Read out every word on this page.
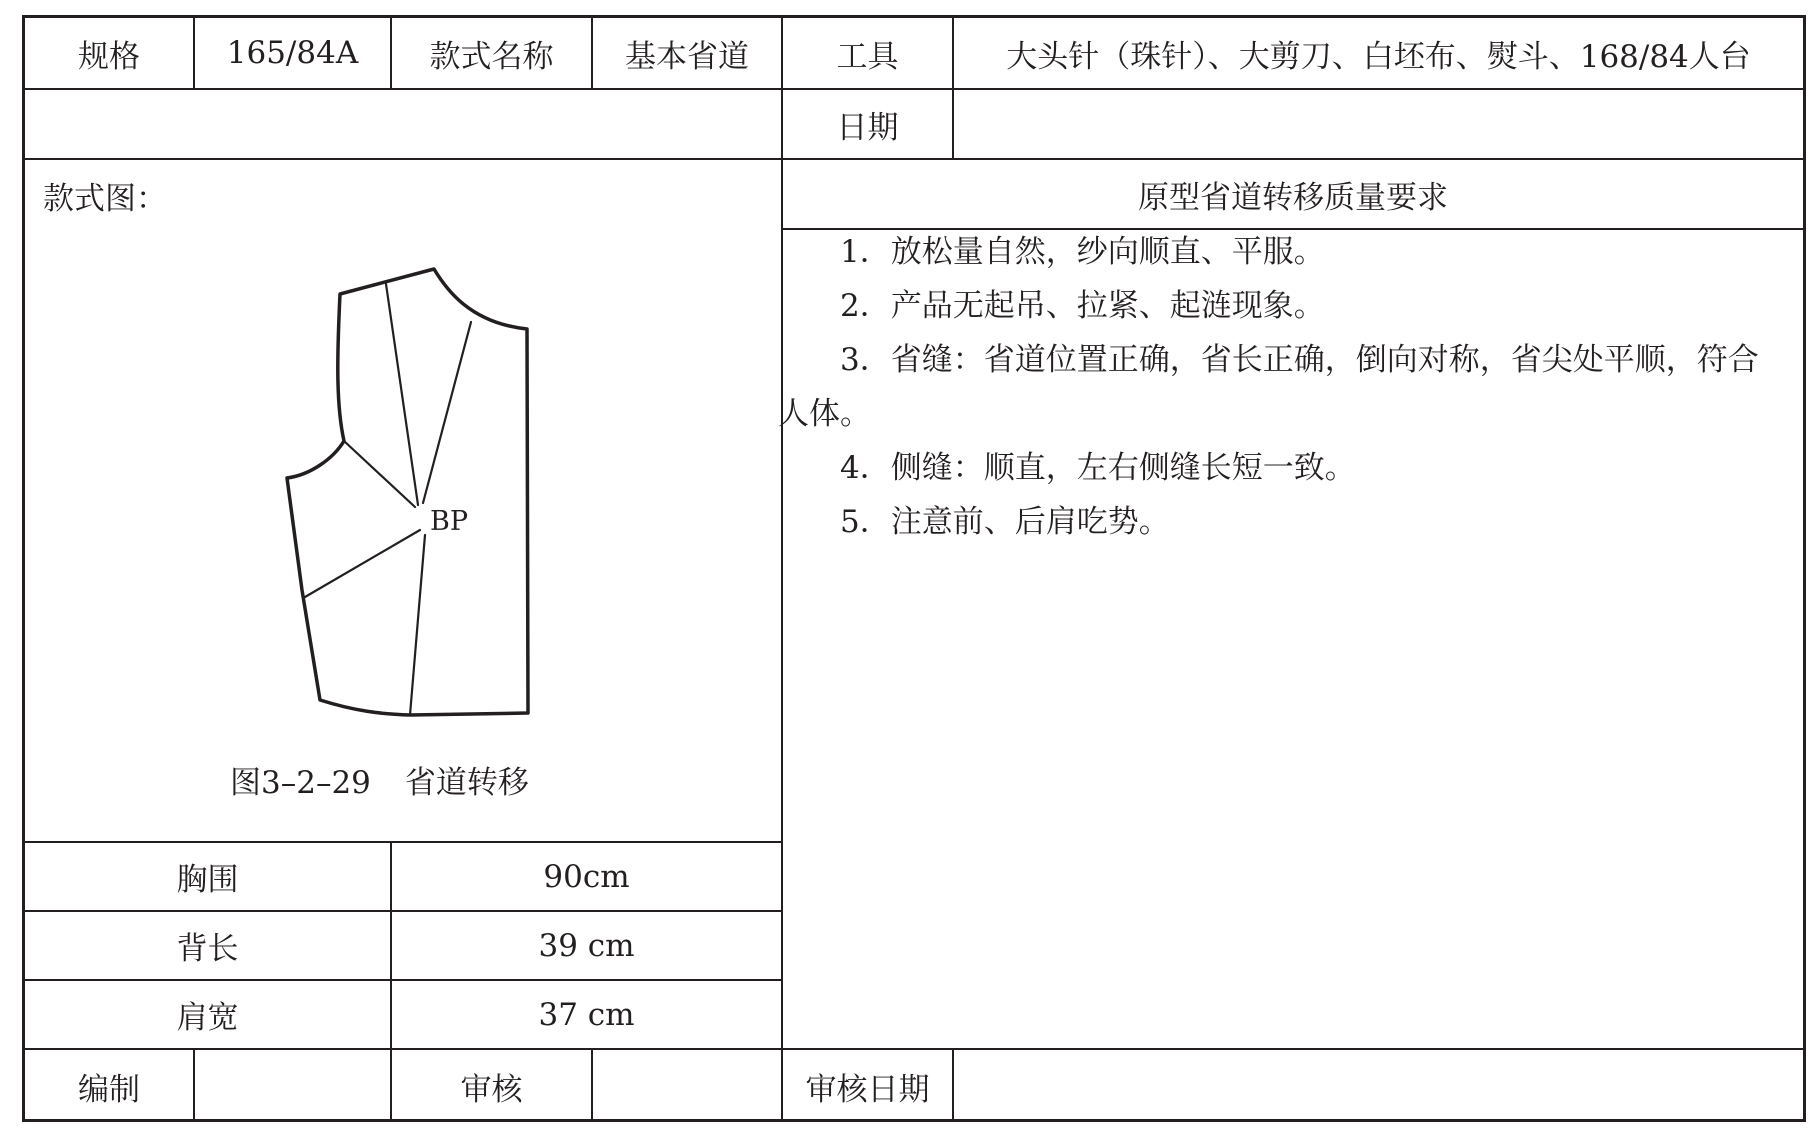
规格	165/84A	款式名称	基本省道	工具	大头针（珠针）、大剪刀、白坯布、熨斗、168/84人台
日期
款式图：	原型省道转移质量要求
胸围	90cm
背长	39 cm
肩宽	37 cm
编制	审核	审核日期
1．放松量自然，纱向顺直、平服。
2．产品无起吊、拉紧、起涟现象。
3．省缝：省道位置正确，省长正确，倒向对称，省尖处平顺，符合人体。
4．侧缝：顺直，左右侧缝长短一致。
5．注意前、后肩吃势。
BP
图3–2–29 省道转移
